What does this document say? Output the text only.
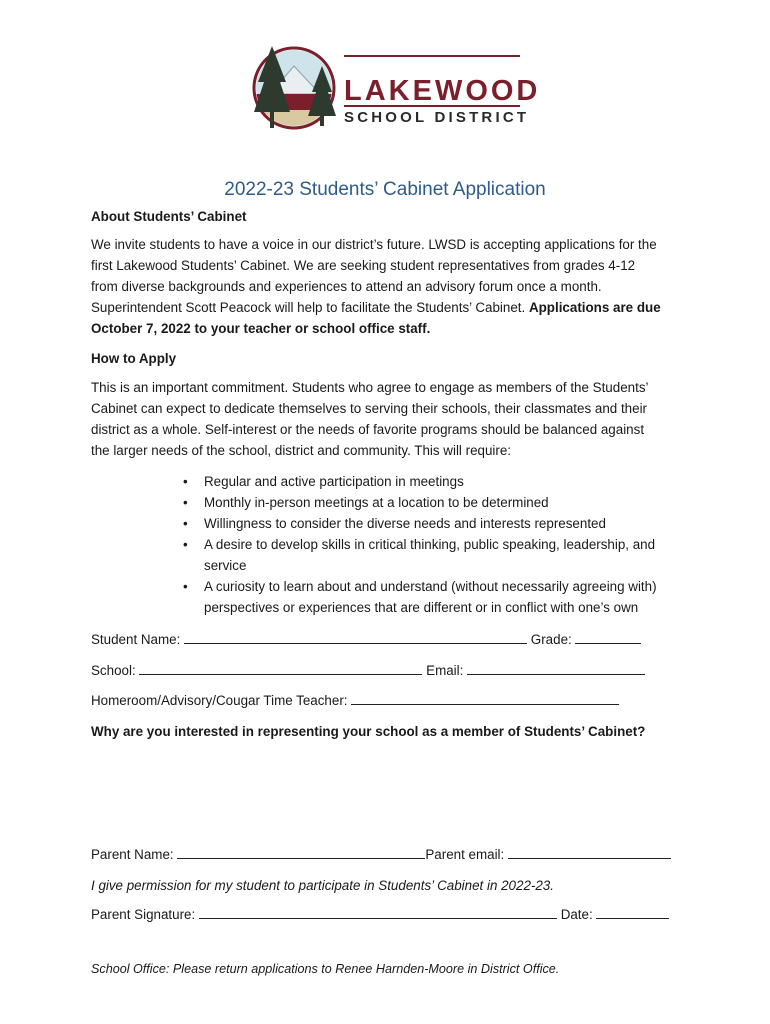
LAKEWOOD
SCHOOL DISTRICT
2022-23 Students’ Cabinet Application
About Students’ Cabinet
We invite students to have a voice in our district’s future. LWSD is accepting applications for the
first Lakewood Students’ Cabinet. We are seeking student representatives from grades 4-12
from diverse backgrounds and experiences to attend an advisory forum once a month.
Superintendent Scott Peacock will help to facilitate the Students’ Cabinet. Applications are due
October 7, 2022 to your teacher or school office staff.
How to Apply
This is an important commitment. Students who agree to engage as members of the Students’
Cabinet can expect to dedicate themselves to serving their schools, their classmates and their
district as a whole. Self-interest or the needs of favorite programs should be balanced against
the larger needs of the school, district and community. This will require:
• Regular and active participation in meetings
• Monthly in-person meetings at a location to be determined
• Willingness to consider the diverse needs and interests represented
• A desire to develop skills in critical thinking, public speaking, leadership, and service
• A curiosity to learn about and understand (without necessarily agreeing with) perspectives or experiences that are different or in conflict with one’s own
Student Name:	Grade:
School:	Email:
Homeroom/Advisory/Cougar Time Teacher:
Why are you interested in representing your school as a member of Students’ Cabinet?
Parent Name:	Parent email:
I give permission for my student to participate in Students’ Cabinet in 2022-23.
Parent Signature:	Date:
School Office: Please return applications to Renee Harnden-Moore in District Office.
